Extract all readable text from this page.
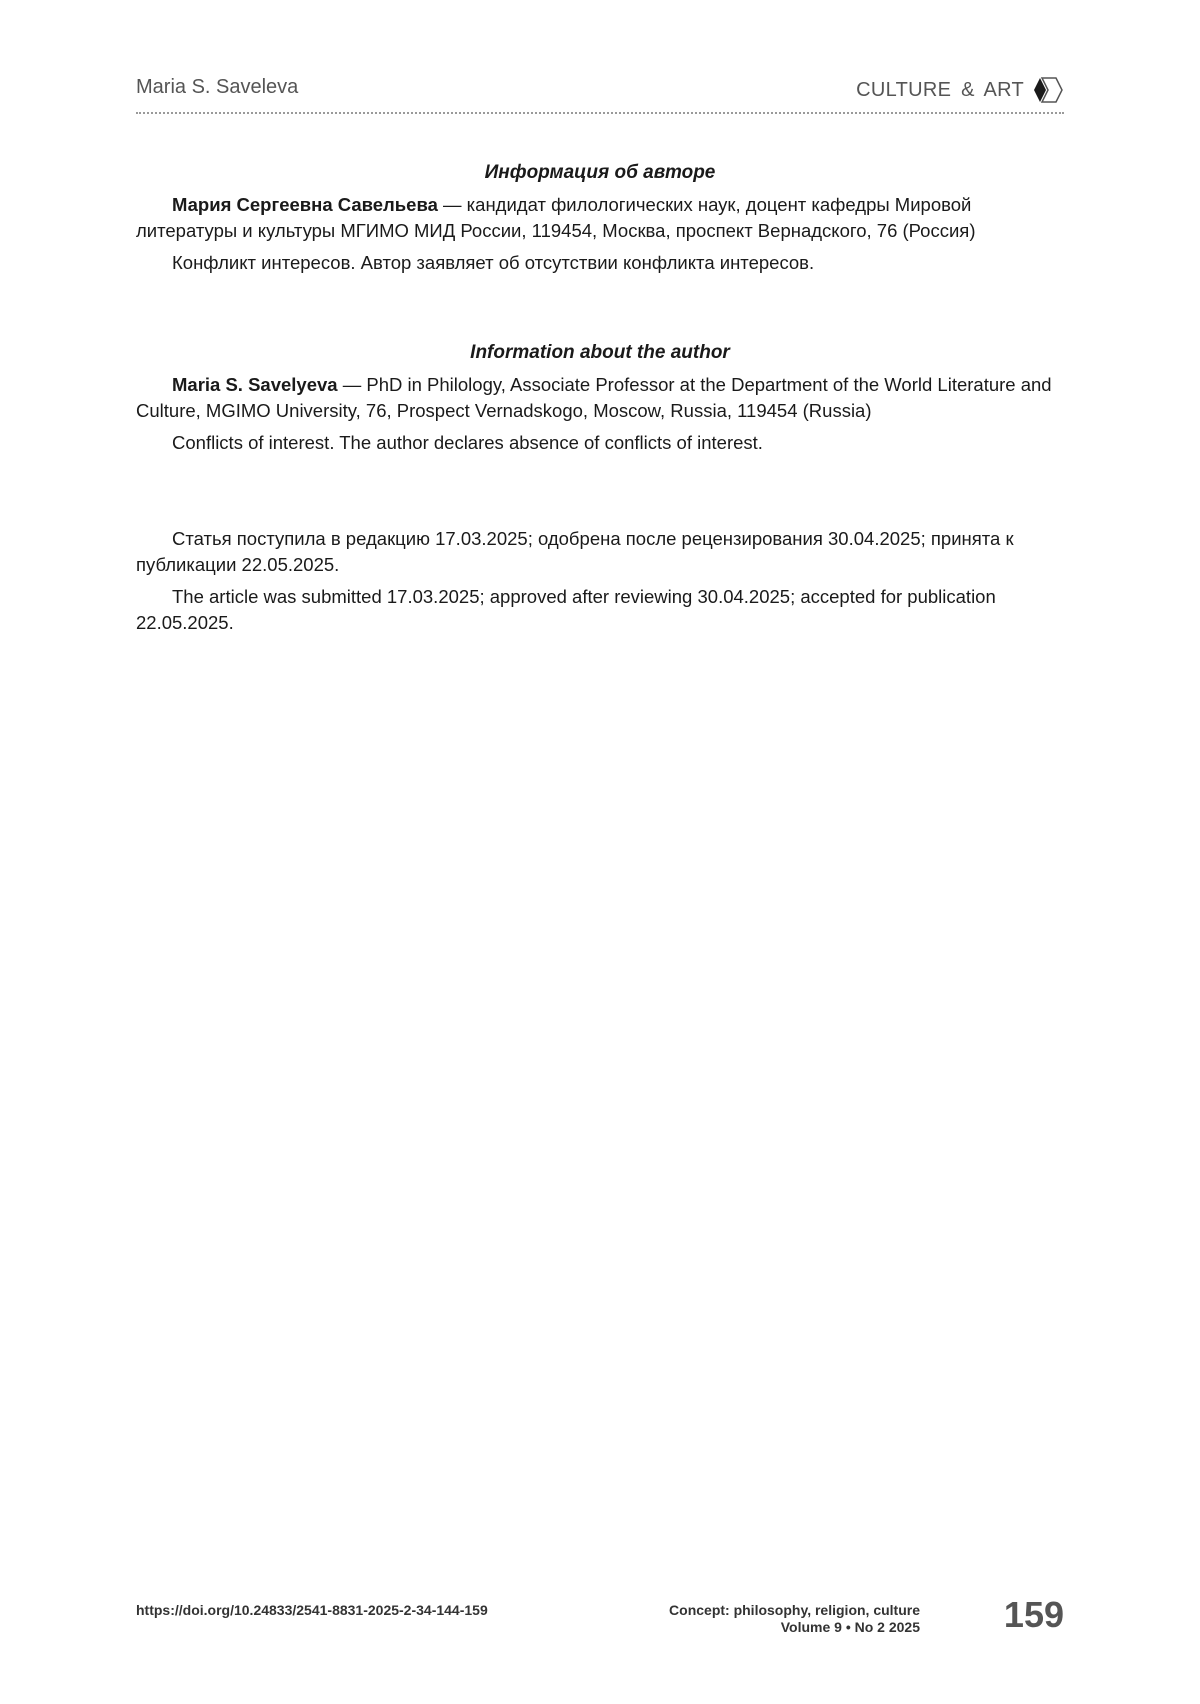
Maria S. Saveleva	CULTURE & ART
Информация об авторе

Мария Сергеевна Савельева — кандидат филологических наук, доцент кафедры Мировой литературы и культуры МГИМО МИД России, 119454, Москва, проспект Вернадского, 76 (Россия)

Конфликт интересов. Автор заявляет об отсутствии конфликта интересов.

Information about the author

Maria S. Savelyeva — PhD in Philology, Associate Professor at the Department of the World Literature and Culture, MGIMO University, 76, Prospect Vernadskogo, Moscow, Russia, 119454 (Russia)

Conflicts of interest. The author declares absence of conflicts of interest.

Статья поступила в редакцию 17.03.2025; одобрена после рецензирования 30.04.2025; принята к публикации 22.05.2025.

The article was submitted 17.03.2025; approved after reviewing 30.04.2025; accepted for publication 22.05.2025.

https://doi.org/10.24833/2541-8831-2025-2-34-144-159	Concept: philosophy, religion, culture
Volume 9 • No 2 2025 159
